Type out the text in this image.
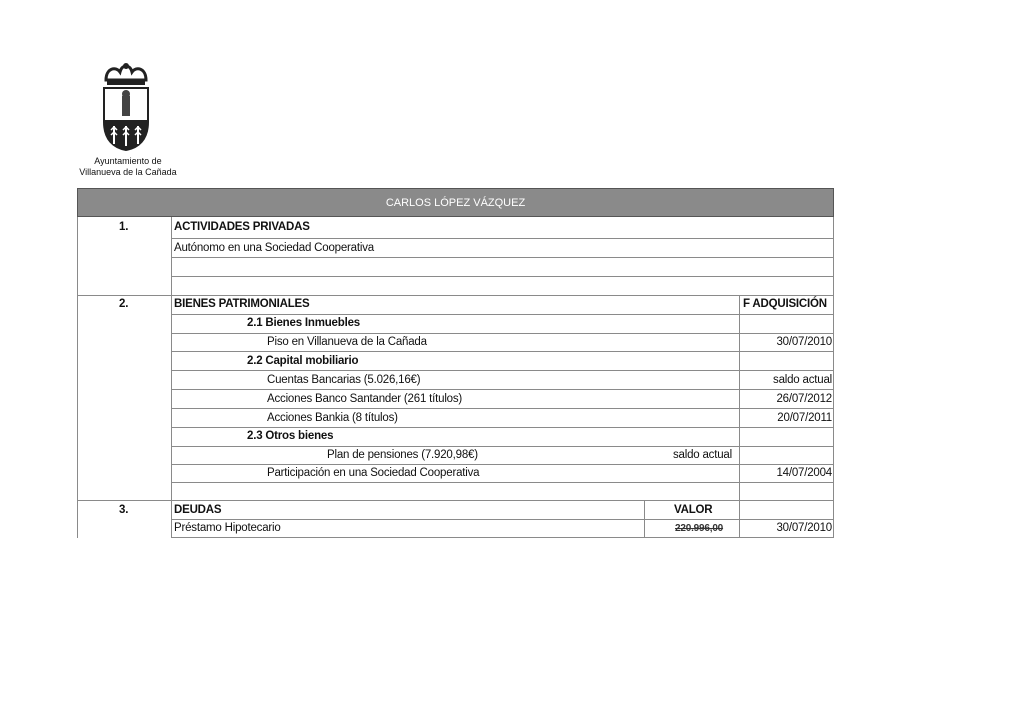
Ayuntamiento de
Villanueva de la Cañada
CARLOS LÓPEZ VÁZQUEZ
1.	ACTIVIDADES PRIVADAS
Autónomo en una Sociedad Cooperativa
2.	BIENES PATRIMONIALES	F ADQUISICIÓN
2.1 Bienes Inmuebles
Piso en Villanueva de la Cañada	30/07/2010
2.2 Capital mobiliario
Cuentas Bancarias (5.026,16€)	saldo actual
Acciones Banco Santander (261 títulos)	26/07/2012
Acciones Bankia (8 títulos)	20/07/2011
2.3 Otros bienes
Plan de pensiones (7.920,98€)	saldo actual
Participación en una Sociedad Cooperativa	14/07/2004
3.	DEUDAS	VALOR
Préstamo Hipotecario	220.996,00	30/07/2010
